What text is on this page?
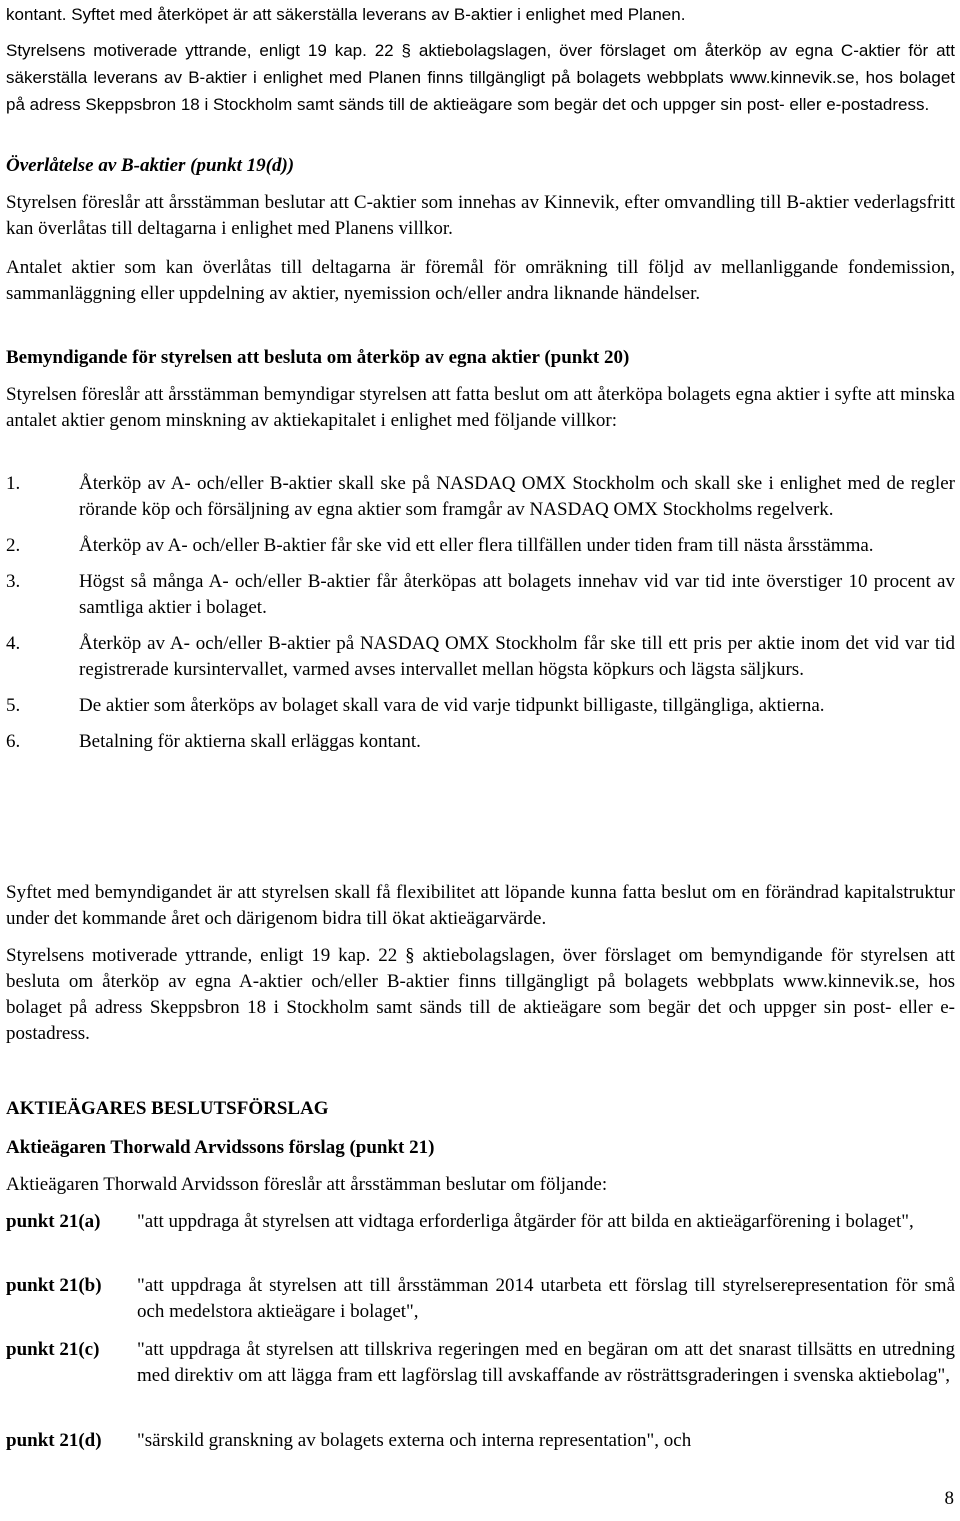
kontant. Syftet med återköpet är att säkerställa leverans av B-aktier i enlighet med Planen.

Styrelsens motiverade yttrande, enligt 19 kap. 22 § aktiebolagslagen, över förslaget om återköp av egna C-aktier för att säkerställa leverans av B-aktier i enlighet med Planen finns tillgängligt på bolagets webbplats www.kinnevik.se, hos bolaget på adress Skeppsbron 18 i Stockholm samt sänds till de aktieägare som begär det och uppger sin post- eller e-postadress.

Överlåtelse av B-aktier (punkt 19(d))

Styrelsen föreslår att årsstämman beslutar att C-aktier som innehas av Kinnevik, efter omvandling till B-aktier vederlagsfritt kan överlåtas till deltagarna i enlighet med Planens villkor.

Antalet aktier som kan överlåtas till deltagarna är föremål för omräkning till följd av mellanliggande fondemission, sammanläggning eller uppdelning av aktier, nyemission och/eller andra liknande händelser.

Bemyndigande för styrelsen att besluta om återköp av egna aktier (punkt 20)

Styrelsen föreslår att årsstämman bemyndigar styrelsen att fatta beslut om att återköpa bolagets egna aktier i syfte att minska antalet aktier genom minskning av aktiekapitalet i enlighet med följande villkor:

1.	Återköp av A- och/eller B-aktier skall ske på NASDAQ OMX Stockholm och skall ske i enlighet med de regler rörande köp och försäljning av egna aktier som framgår av NASDAQ OMX Stockholms regelverk.
2.	Återköp av A- och/eller B-aktier får ske vid ett eller flera tillfällen under tiden fram till nästa årsstämma.
3.	Högst så många A- och/eller B-aktier får återköpas att bolagets innehav vid var tid inte överstiger 10 procent av samtliga aktier i bolaget.
4.	Återköp av A- och/eller B-aktier på NASDAQ OMX Stockholm får ske till ett pris per aktie inom det vid var tid registrerade kursintervallet, varmed avses intervallet mellan högsta köpkurs och lägsta säljkurs.
5.	De aktier som återköps av bolaget skall vara de vid varje tidpunkt billigaste, tillgängliga, aktierna.
6.	Betalning för aktierna skall erläggas kontant.

Syftet med bemyndigandet är att styrelsen skall få flexibilitet att löpande kunna fatta beslut om en förändrad kapitalstruktur under det kommande året och därigenom bidra till ökat aktieägarvärde.

Styrelsens motiverade yttrande, enligt 19 kap. 22 § aktiebolagslagen, över förslaget om bemyndigande för styrelsen att besluta om återköp av egna A-aktier och/eller B-aktier finns tillgängligt på bolagets webbplats www.kinnevik.se, hos bolaget på adress Skeppsbron 18 i Stockholm samt sänds till de aktieägare som begär det och uppger sin post- eller e-postadress.

AKTIEÄGARES BESLUTSFÖRSLAG

Aktieägaren Thorwald Arvidssons förslag (punkt 21)

Aktieägaren Thorwald Arvidsson föreslår att årsstämman beslutar om följande:

punkt 21(a)	"att uppdraga åt styrelsen att vidtaga erforderliga åtgärder för att bilda en aktieägarförening i bolaget",
punkt 21(b)	"att uppdraga åt styrelsen att till årsstämman 2014 utarbeta ett förslag till styrelserepresentation för små och medelstora aktieägare i bolaget",
punkt 21(c)	"att uppdraga åt styrelsen att tillskriva regeringen med en begäran om att det snarast tillsätts en utredning med direktiv om att lägga fram ett lagförslag till avskaffande av rösträttsgraderingen i svenska aktiebolag",
punkt 21(d)	"särskild granskning av bolagets externa och interna representation", och
8
